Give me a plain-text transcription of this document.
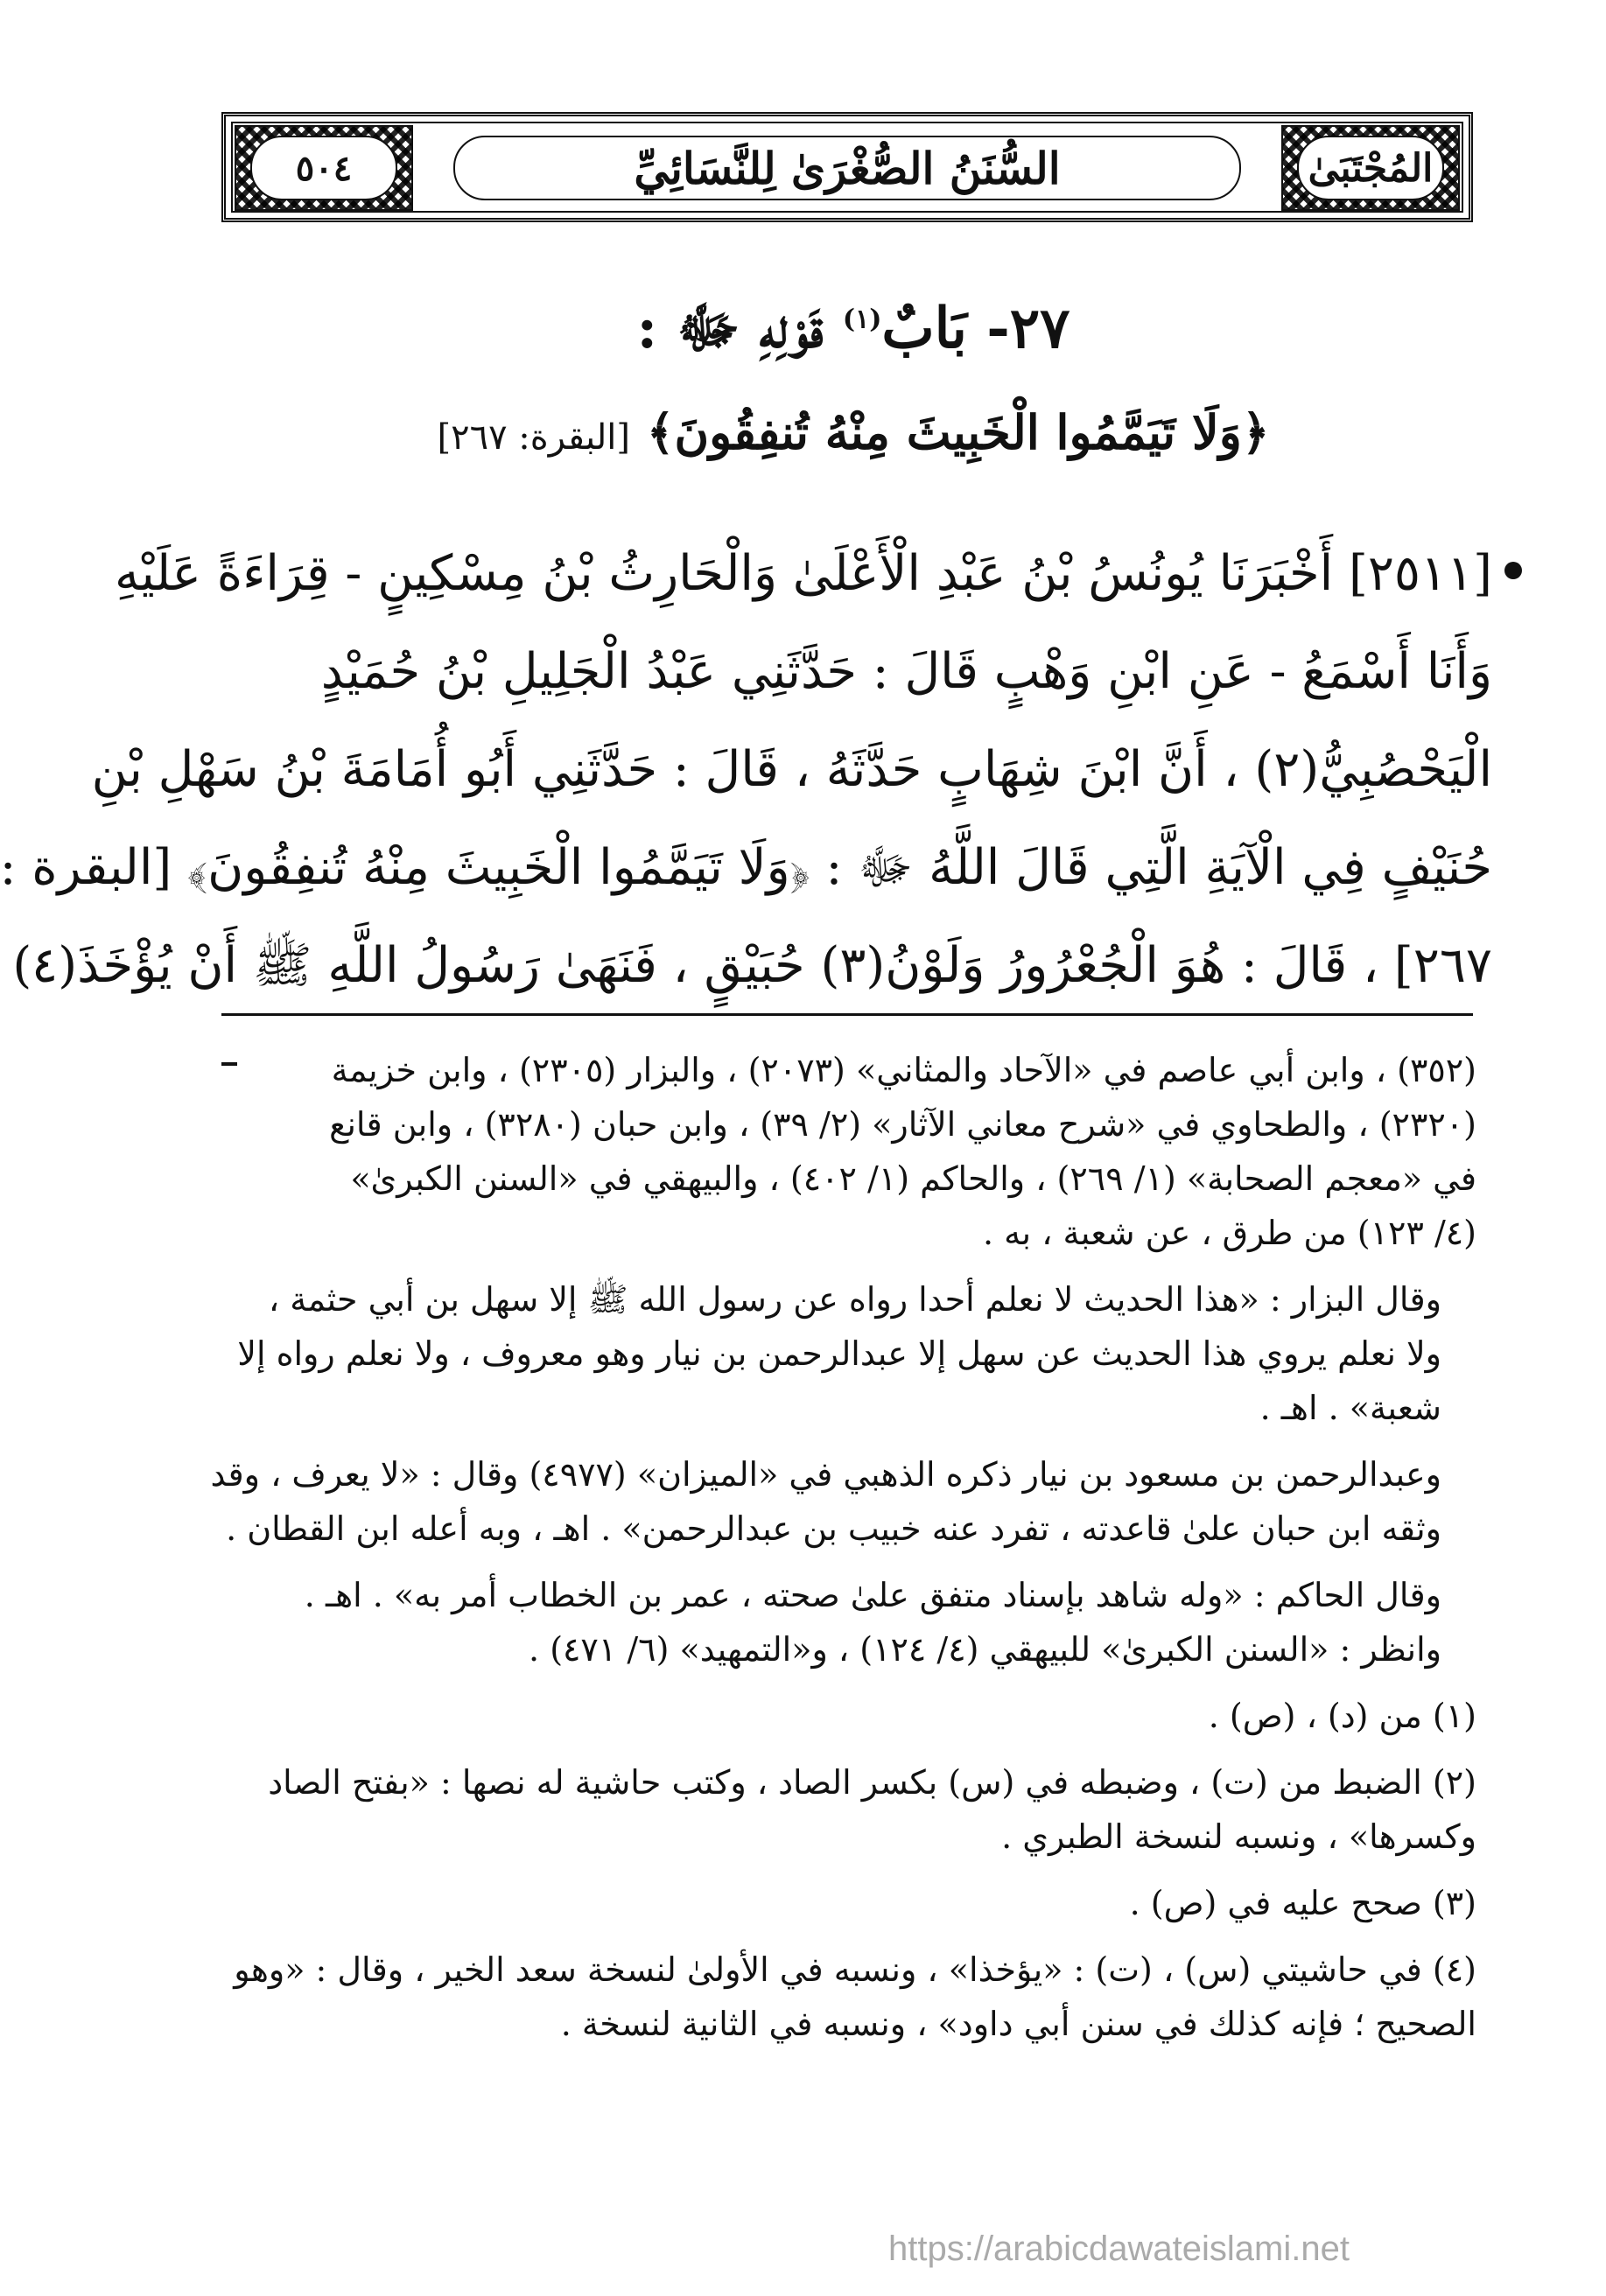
٥٠٤	السُّنَنُ الصُّغْرَىٰ لِلنَّسَائِيِّ	المُجْتَبَىٰ
٢٧- بَابٌ$^{(١)}$ قَوْلِهِ ﷻ :
﴿وَلَا تَيَمَّمُوا الْخَبِيثَ مِنْهُ تُنفِقُونَ﴾ [البقرة: ٢٦٧]
[٢٥١١] أَخْبَرَنَا يُونُسُ بْنُ عَبْدِ الْأَعْلَىٰ وَالْحَارِثُ بْنُ مِسْكِينٍ - قِرَاءَةً عَلَيْهِ
وَأَنَا أَسْمَعُ - عَنِ ابْنِ وَهْبٍ قَالَ : حَدَّثَنِي عَبْدُ الْجَلِيلِ بْنُ حُمَيْدٍ
الْيَحْصُبِيُّ(٢) ، أَنَّ ابْنَ شِهَابٍ حَدَّثَهُ ، قَالَ : حَدَّثَنِي أَبُو أُمَامَةَ بْنُ سَهْلِ بْنِ
حُنَيْفٍ فِي الْآيَةِ الَّتِي قَالَ اللَّهُ ﷻ : ﴿وَلَا تَيَمَّمُوا الْخَبِيثَ مِنْهُ تُنفِقُونَ﴾ [البقرة :
٢٦٧] ، قَالَ : هُوَ الْجُعْرُورُ وَلَوْنُ(٣) حُبَيْقٍ ، فَنَهَىٰ رَسُولُ اللَّهِ ﷺ أَنْ يُؤْخَذَ(٤)
(٣٥٢) ، وابن أبي عاصم في «الآحاد والمثاني» (٢٠٧٣) ، والبزار (٢٣٠٥) ، وابن خزيمة
(٢٣٢٠) ، والطحاوي في «شرح معاني الآثار» (٢/ ٣٩) ، وابن حبان (٣٢٨٠) ، وابن قانع
في «معجم الصحابة» (١/ ٢٦٩) ، والحاكم (١/ ٤٠٢) ، والبيهقي في «السنن الكبرىٰ»
(٤/ ١٢٣) من طرق ، عن شعبة ، به .
وقال البزار : «هذا الحديث لا نعلم أحدا رواه عن رسول الله ﷺ إلا سهل بن أبي حثمة ،
ولا نعلم يروي هذا الحديث عن سهل إلا عبدالرحمن بن نيار وهو معروف ، ولا نعلم رواه إلا
شعبة» . اهـ .
وعبدالرحمن بن مسعود بن نيار ذكره الذهبي في «الميزان» (٤٩٧٧) وقال : «لا يعرف ، وقد
وثقه ابن حبان علىٰ قاعدته ، تفرد عنه خبيب بن عبدالرحمن» . اهـ ، وبه أعله ابن القطان .
وقال الحاكم : «وله شاهد بإسناد متفق علىٰ صحته ، عمر بن الخطاب أمر به» . اهـ .
وانظر : «السنن الكبرىٰ» للبيهقي (٤/ ١٢٤) ، و«التمهيد» (٦/ ٤٧١) .
(١) من (د) ، (ص) .
(٢) الضبط من (ت) ، وضبطه في (س) بكسر الصاد ، وكتب حاشية له نصها : «بفتح الصاد
وكسرها» ، ونسبه لنسخة الطبري .
(٣) صحح عليه في (ص) .
(٤) في حاشيتي (س) ، (ت) : «يؤخذا» ، ونسبه في الأولىٰ لنسخة سعد الخير ، وقال : «وهو
الصحيح ؛ فإنه كذلك في سنن أبي داود» ، ونسبه في الثانية لنسخة .
https://arabicdawateislami.net
